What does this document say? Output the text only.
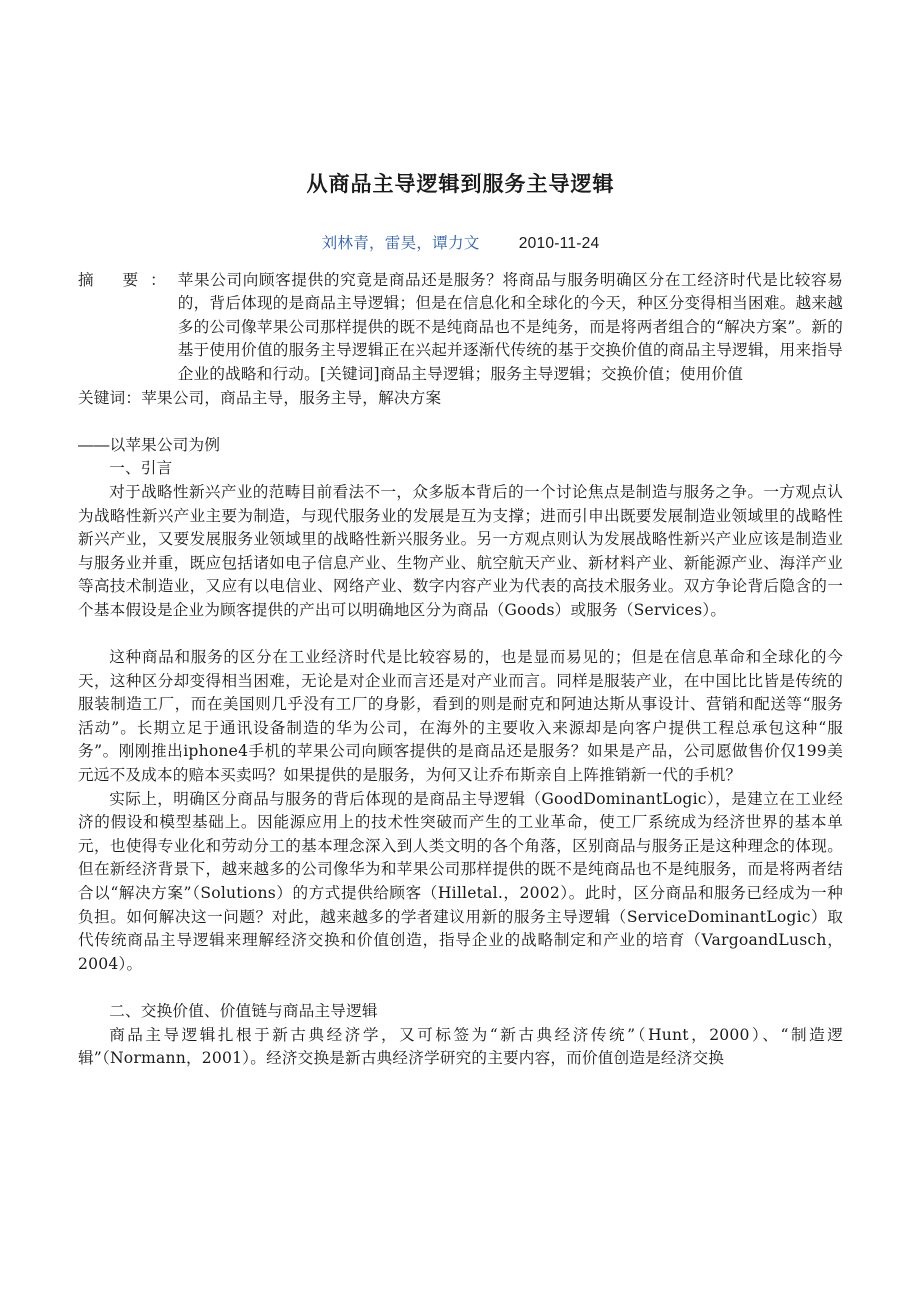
从商品主导逻辑到服务主导逻辑
刘林青，雷昊，谭力文	2010-11-24
摘 要： 苹果公司向顾客提供的究竟是商品还是服务？将商品与服务明确区分在工经济时代是比较容易的，背后体现的是商品主导逻辑；但是在信息化和全球化的今天，种区分变得相当困难。越来越多的公司像苹果公司那样提供的既不是纯商品也不是纯务，而是将两者组合的“解决方案”。新的基于使用价值的服务主导逻辑正在兴起并逐渐代传统的基于交换价值的商品主导逻辑，用来指导企业的战略和行动。[关键词]商品主导逻辑；服务主导逻辑；交换价值；使用价值
关键词：苹果公司，商品主导，服务主导，解决方案

――以苹果公司为例

一、引言

对于战略性新兴产业的范畴目前看法不一，众多版本背后的一个讨论焦点是制造与服务之争。一方观点认为战略性新兴产业主要为制造，与现代服务业的发展是互为支撑；进而引申出既要发展制造业领域里的战略性新兴产业，又要发展服务业领域里的战略性新兴服务业。另一方观点则认为发展战略性新兴产业应该是制造业与服务业并重，既应包括诸如电子信息产业、生物产业、航空航天产业、新材料产业、新能源产业、海洋产业等高技术制造业，又应有以电信业、网络产业、数字内容产业为代表的高技术服务业。双方争论背后隐含的一个基本假设是企业为顾客提供的产出可以明确地区分为商品（Goods）或服务（Services）。

这种商品和服务的区分在工业经济时代是比较容易的，也是显而易见的；但是在信息革命和全球化的今天，这种区分却变得相当困难，无论是对企业而言还是对产业而言。同样是服装产业，在中国比比皆是传统的服装制造工厂，而在美国则几乎没有工厂的身影，看到的则是耐克和阿迪达斯从事设计、营销和配送等“服务活动”。长期立足于通讯设备制造的华为公司，在海外的主要收入来源却是向客户提供工程总承包这种“服务”。刚刚推出iphone4手机的苹果公司向顾客提供的是商品还是服务？如果是产品，公司愿做售价仅199美元远不及成本的赔本买卖吗？如果提供的是服务，为何又让乔布斯亲自上阵推销新一代的手机？

实际上，明确区分商品与服务的背后体现的是商品主导逻辑（GoodDominantLogic），是建立在工业经济的假设和模型基础上。因能源应用上的技术性突破而产生的工业革命，使工厂系统成为经济世界的基本单元，也使得专业化和劳动分工的基本理念深入到人类文明的各个角落，区别商品与服务正是这种理念的体现。但在新经济背景下，越来越多的公司像华为和苹果公司那样提供的既不是纯商品也不是纯服务，而是将两者结合以“解决方案”（Solutions）的方式提供给顾客（Hilletal.，2002）。此时，区分商品和服务已经成为一种负担。如何解决这一问题？对此，越来越多的学者建议用新的服务主导逻辑（ServiceDominantLogic）取代传统商品主导逻辑来理解经济交换和价值创造，指导企业的战略制定和产业的培育（VargoandLusch，2004）。

二、交换价值、价值链与商品主导逻辑

商品主导逻辑扎根于新古典经济学，又可标签为“新古典经济传统”（Hunt，2000）、“制造逻辑”（Normann，2001）。经济交换是新古典经济学研究的主要内容，而价值创造是经济交换
